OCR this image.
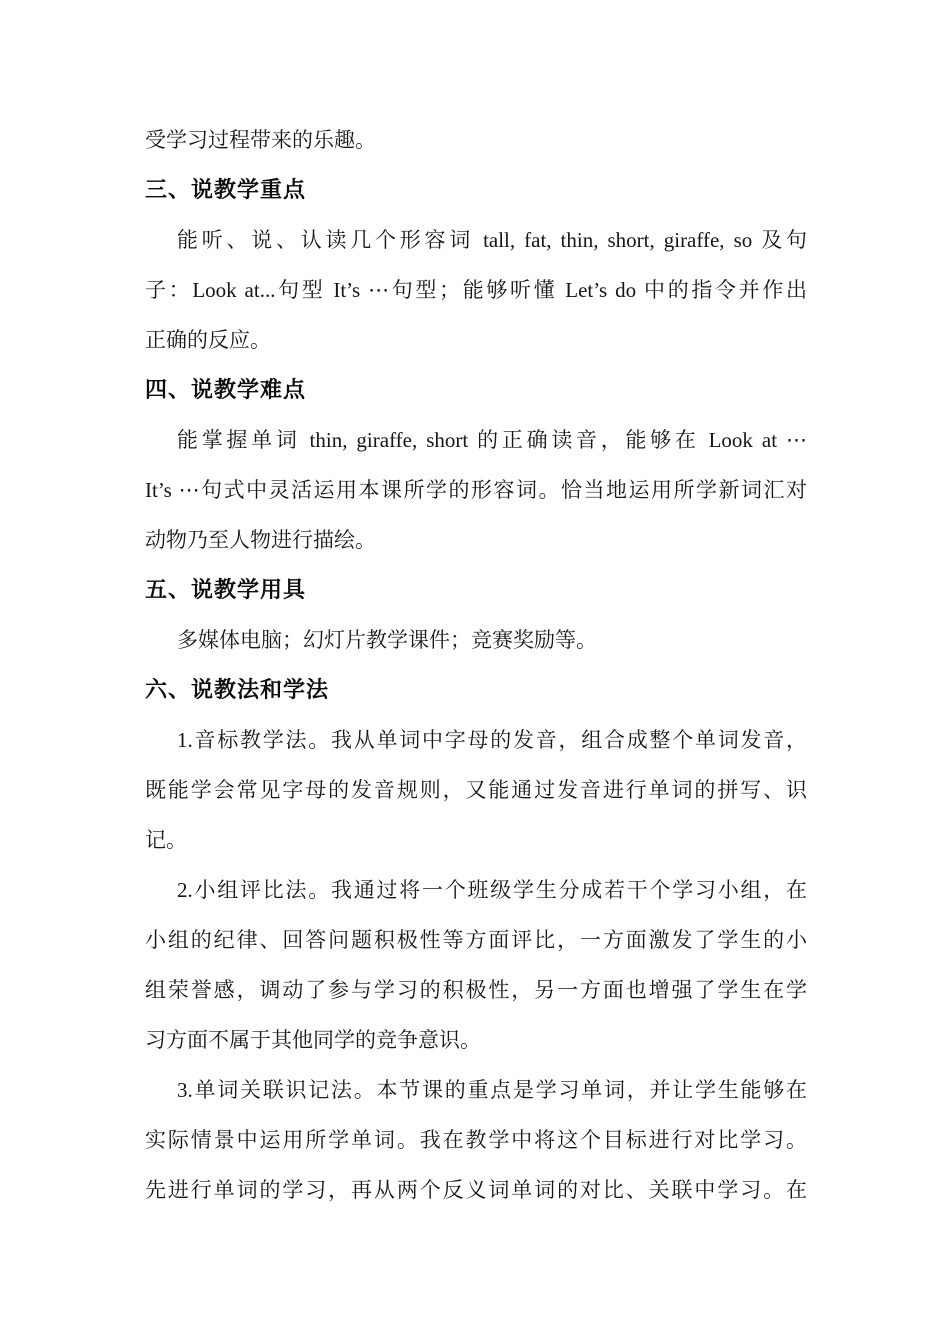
受学习过程带来的乐趣。
三、说教学重点
能听、说、认读几个形容词 tall, fat, thin, short, giraffe, so 及句
子：Look at...句型 It’s ⋯句型；能够听懂 Let’s do 中的指令并作出
正确的反应。
四、说教学难点
能掌握单词 thin, giraffe, short 的正确读音，能够在 Look at ⋯
It’s ⋯句式中灵活运用本课所学的形容词。恰当地运用所学新词汇对
动物乃至人物进行描绘。
五、说教学用具
多媒体电脑；幻灯片教学课件；竞赛奖励等。
六、说教法和学法
1.音标教学法。我从单词中字母的发音，组合成整个单词发音，
既能学会常见字母的发音规则，又能通过发音进行单词的拼写、识
记。
2.小组评比法。我通过将一个班级学生分成若干个学习小组，在
小组的纪律、回答问题积极性等方面评比，一方面激发了学生的小
组荣誉感，调动了参与学习的积极性，另一方面也增强了学生在学
习方面不属于其他同学的竞争意识。
3.单词关联识记法。本节课的重点是学习单词，并让学生能够在
实际情景中运用所学单词。我在教学中将这个目标进行对比学习。
先进行单词的学习，再从两个反义词单词的对比、关联中学习。在
